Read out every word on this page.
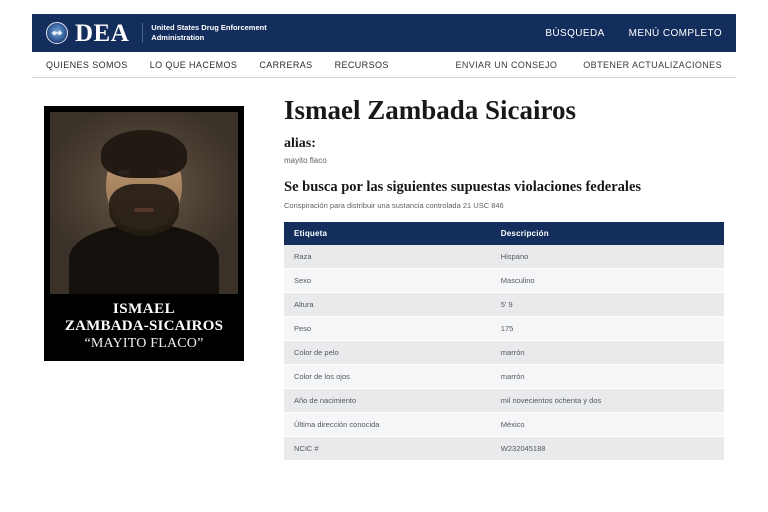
DEA	United States Drug Enforcement
Administration	BÚSQUEDA MENÚ COMPLETO
QUIENES SOMOS LO QUE HACEMOS CARRERAS RECURSOS	ENVIAR UN CONSEJO	OBTENER ACTUALIZACIONES
ISMAEL
ZAMBADA-SICAIROS
“MAYITO FLACO”
Ismael Zambada Sicairos
alias:
mayito flaco
Se busca por las siguientes supuestas violaciones federales
Conspiración para distribuir una sustancia controlada 21 USC 846
Etiqueta	Descripción
Raza	Hispano
Sexo	Masculino
Altura	5' 9
Peso	175
Color de pelo	marrón
Color de los ojos	marrón
Año de nacimiento	mil novecientos ochenta y dos
Última dirección conocida	México
NCIC #	W232045188
